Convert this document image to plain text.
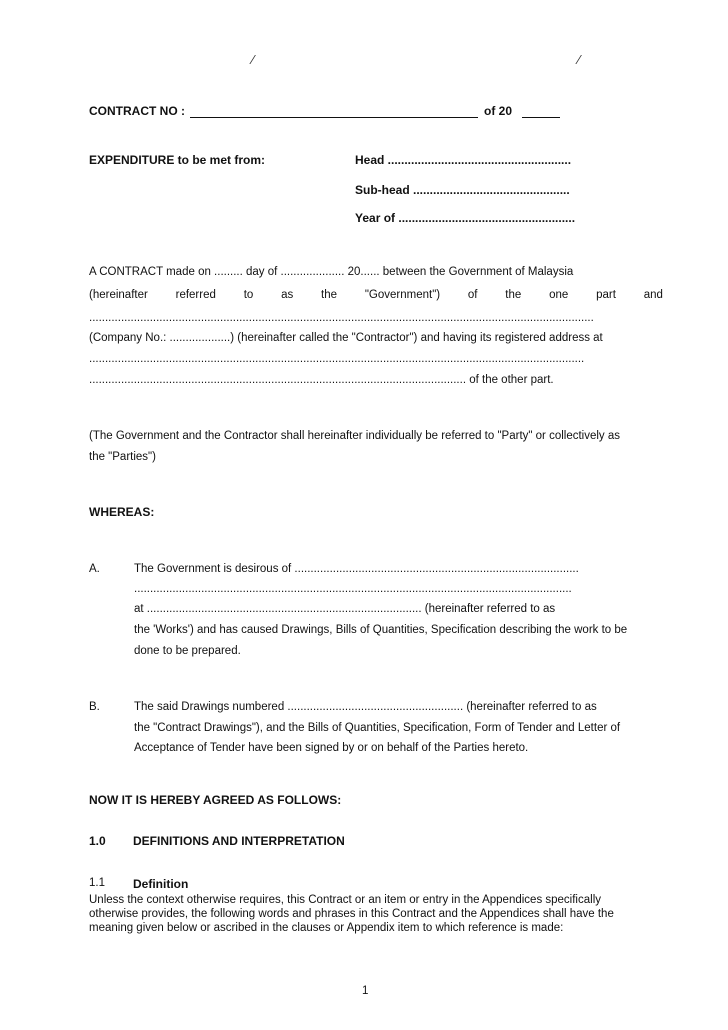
⁄	⁄
CONTRACT NO :	of 20
EXPENDITURE to be met from:	Head .......................................................
Sub-head ...............................................
Year of .....................................................
A CONTRACT made on ......... day of .................... 20...... between the Government of Malaysia
(hereinafter referred to as the "Government") of the one part and
..............................................................................................................................................................
(Company No.: ...................) (hereinafter called the "Contractor") and having its registered address at
...........................................................................................................................................................
...................................................................................................................... of the other part.
(The Government and the Contractor shall hereinafter individually be referred to "Party" or collectively as
the "Parties")
WHEREAS:
A.	The Government is desirous of .........................................................................................
.........................................................................................................................................
at ...................................................................................... (hereinafter referred to as
the 'Works') and has caused Drawings, Bills of Quantities, Specification describing the work to be
done to be prepared.
B.	The said Drawings numbered ....................................................... (hereinafter referred to as
the "Contract Drawings"), and the Bills of Quantities, Specification, Form of Tender and Letter of
Acceptance of Tender have been signed by or on behalf of the Parties hereto.
NOW IT IS HEREBY AGREED AS FOLLOWS:
1.0 DEFINITIONS AND INTERPRETATION
1.1 Definition
Unless the context otherwise requires, this Contract or an item or entry in the Appendices specifically
otherwise provides, the following words and phrases in this Contract and the Appendices shall have the
meaning given below or ascribed in the clauses or Appendix item to which reference is made:
1
